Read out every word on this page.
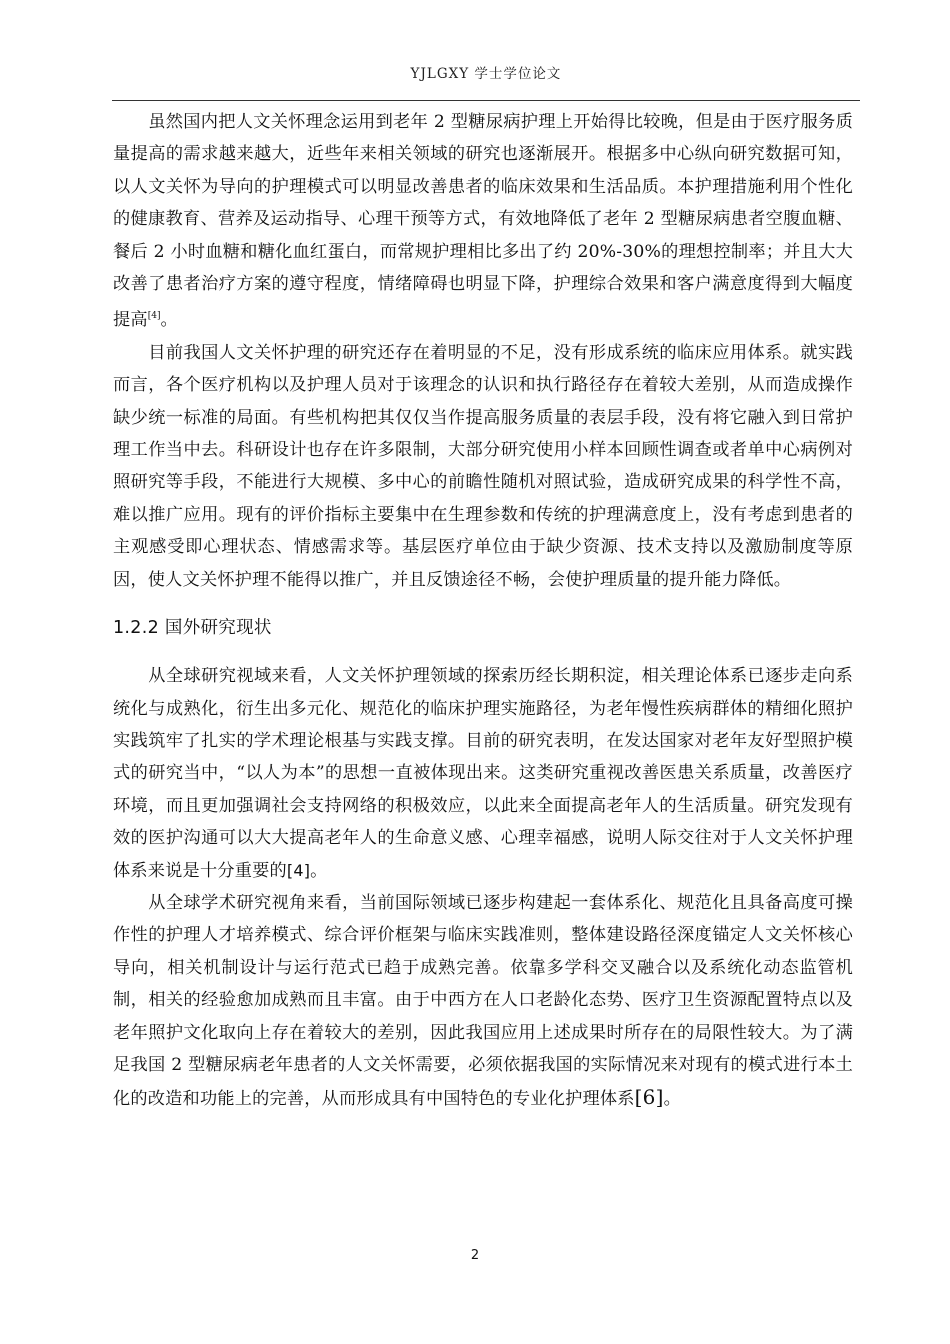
YJLGXY 学士学位论文

虽然国内把人文关怀理念运用到老年 2 型糖尿病护理上开始得比较晚，但是由于医疗服务质量提高的需求越来越大，近些年来相关领域的研究也逐渐展开。根据多中心纵向研究数据可知，以人文关怀为导向的护理模式可以明显改善患者的临床效果和生活品质。本护理措施利用个性化的健康教育、营养及运动指导、心理干预等方式，有效地降低了老年 2 型糖尿病患者空腹血糖、餐后 2 小时血糖和糖化血红蛋白，而常规护理相比多出了约 20%-30%的理想控制率；并且大大改善了患者治疗方案的遵守程度，情绪障碍也明显下降，护理综合效果和客户满意度得到大幅度提高[4]。

目前我国人文关怀护理的研究还存在着明显的不足，没有形成系统的临床应用体系。就实践而言，各个医疗机构以及护理人员对于该理念的认识和执行路径存在着较大差别，从而造成操作缺少统一标准的局面。有些机构把其仅仅当作提高服务质量的表层手段，没有将它融入到日常护理工作当中去。科研设计也存在许多限制，大部分研究使用小样本回顾性调查或者单中心病例对照研究等手段，不能进行大规模、多中心的前瞻性随机对照试验，造成研究成果的科学性不高，难以推广应用。现有的评价指标主要集中在生理参数和传统的护理满意度上，没有考虑到患者的主观感受即心理状态、情感需求等。基层医疗单位由于缺少资源、技术支持以及激励制度等原因，使人文关怀护理不能得以推广，并且反馈途径不畅，会使护理质量的提升能力降低。

1.2.2 国外研究现状

从全球研究视域来看，人文关怀护理领域的探索历经长期积淀，相关理论体系已逐步走向系统化与成熟化，衍生出多元化、规范化的临床护理实施路径，为老年慢性疾病群体的精细化照护实践筑牢了扎实的学术理论根基与实践支撑。目前的研究表明，在发达国家对老年友好型照护模式的研究当中，“以人为本”的思想一直被体现出来。这类研究重视改善医患关系质量，改善医疗环境，而且更加强调社会支持网络的积极效应，以此来全面提高老年人的生活质量。研究发现有效的医护沟通可以大大提高老年人的生命意义感、心理幸福感，说明人际交往对于人文关怀护理体系来说是十分重要的[4]。

从全球学术研究视角来看，当前国际领域已逐步构建起一套体系化、规范化且具备高度可操作性的护理人才培养模式、综合评价框架与临床实践准则，整体建设路径深度锚定人文关怀核心导向，相关机制设计与运行范式已趋于成熟完善。依靠多学科交叉融合以及系统化动态监管机制，相关的经验愈加成熟而且丰富。由于中西方在人口老龄化态势、医疗卫生资源配置特点以及老年照护文化取向上存在着较大的差别，因此我国应用上述成果时所存在的局限性较大。为了满足我国 2 型糖尿病老年患者的人文关怀需要，必须依据我国的实际情况来对现有的模式进行本土化的改造和功能上的完善，从而形成具有中国特色的专业化护理体系[6]。

2
